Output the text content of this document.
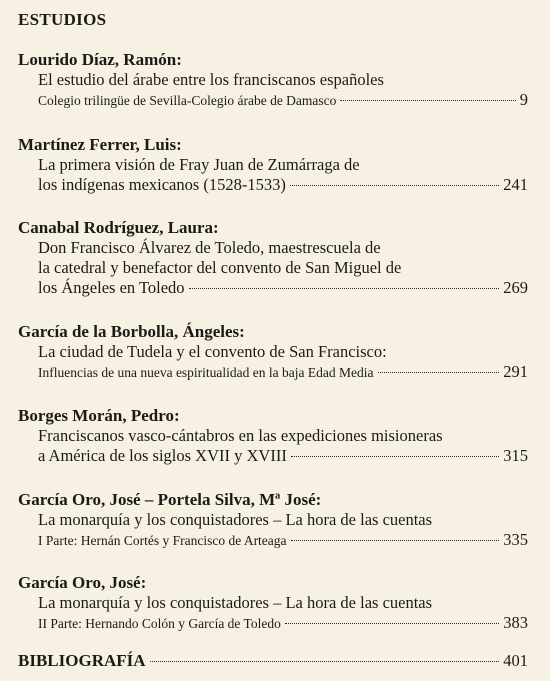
ESTUDIOS
Lourido Díaz, Ramón:
El estudio del árabe entre los franciscanos españoles
Colegio trilingüe de Sevilla-Colegio árabe de Damasco	9
Martínez Ferrer, Luis:
La primera visión de Fray Juan de Zumárraga de
los indígenas mexicanos (1528-1533)	241
Canabal Rodríguez, Laura:
Don Francisco Álvarez de Toledo, maestrescuela de
la catedral y benefactor del convento de San Miguel de
los Ángeles en Toledo	269
García de la Borbolla, Ángeles:
La ciudad de Tudela y el convento de San Francisco:
Influencias de una nueva espiritualidad en la baja Edad Media	291
Borges Morán, Pedro:
Franciscanos vasco-cántabros en las expediciones misioneras
a América de los siglos XVII y XVIII	315
García Oro, José – Portela Silva, Mª José:
La monarquía y los conquistadores – La hora de las cuentas
I Parte: Hernán Cortés y Francisco de Arteaga	335
García Oro, José:
La monarquía y los conquistadores – La hora de las cuentas
II Parte: Hernando Colón y García de Toledo	383
BIBLIOGRAFÍA	401
